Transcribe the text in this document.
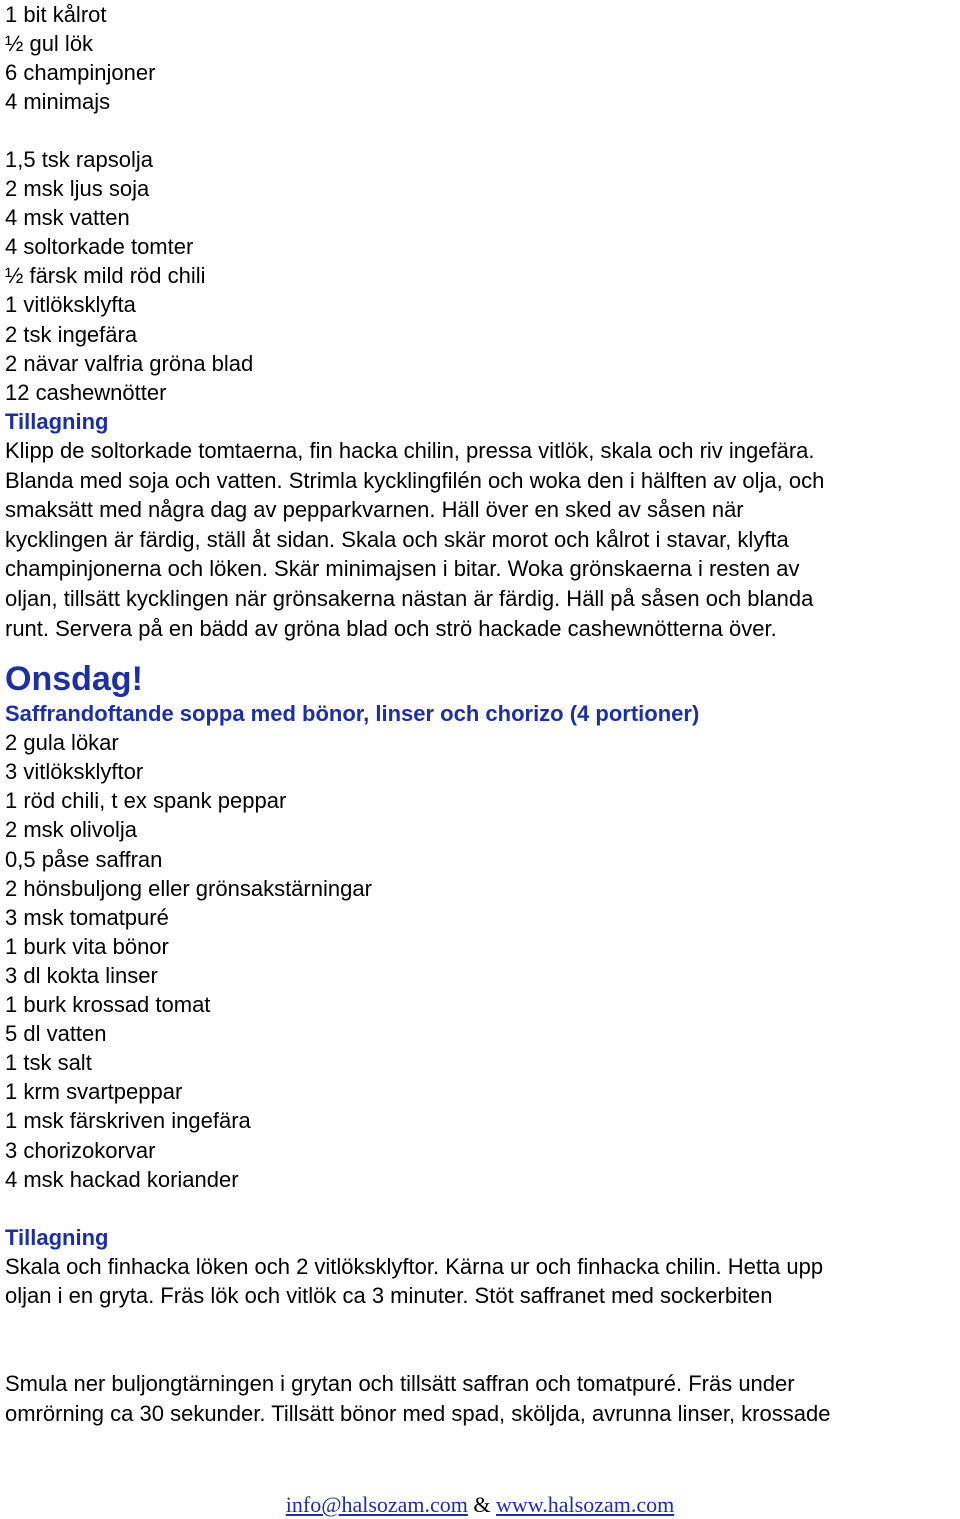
1 bit kålrot

½ gul lök

6 champinjoner

4 minimajs

1,5 tsk rapsolja

2 msk ljus soja

4 msk vatten

4 soltorkade tomter

½ färsk mild röd chili

1 vitlöksklyfta

2 tsk ingefära

2 nävar valfria gröna blad

12 cashewnötter

Tillagning

Klipp de soltorkade tomtaerna, fin hacka chilin, pressa vitlök, skala och riv ingefära.

Blanda med soja och vatten. Strimla kycklingfilén och woka den i hälften av olja, och

smaksätt med några dag av pepparkvarnen. Häll över en sked av såsen när

kycklingen är färdig, ställ åt sidan. Skala och skär morot och kålrot i stavar, klyfta

champinjonerna och löken. Skär minimajsen i bitar. Woka grönskaerna i resten av

oljan, tillsätt kycklingen när grönsakerna nästan är färdig. Häll på såsen och blanda

runt. Servera på en bädd av gröna blad och strö hackade cashewnötterna över.

Onsdag!

Saffrandoftande soppa med bönor, linser och chorizo (4 portioner)

2 gula lökar

3 vitlöksklyftor

1 röd chili, t ex spank peppar

2 msk olivolja

0,5 påse saffran

2 hönsbuljong eller grönsakstärningar

3 msk tomatpuré

1 burk vita bönor

3 dl kokta linser

1 burk krossad tomat

5 dl vatten

1 tsk salt

1 krm svartpeppar

1 msk färskriven ingefära

3 chorizokorvar

4 msk hackad koriander

Tillagning

Skala och finhacka löken och 2 vitlöksklyftor. Kärna ur och finhacka chilin. Hetta upp

oljan i en gryta. Fräs lök och vitlök ca 3 minuter. Stöt saffranet med sockerbiten

Smula ner buljongtärningen i grytan och tillsätt saffran och tomatpuré. Fräs under

omrörning ca 30 sekunder. Tillsätt bönor med spad, sköljda, avrunna linser, krossade

info@halsozam.com & www.halsozam.com
